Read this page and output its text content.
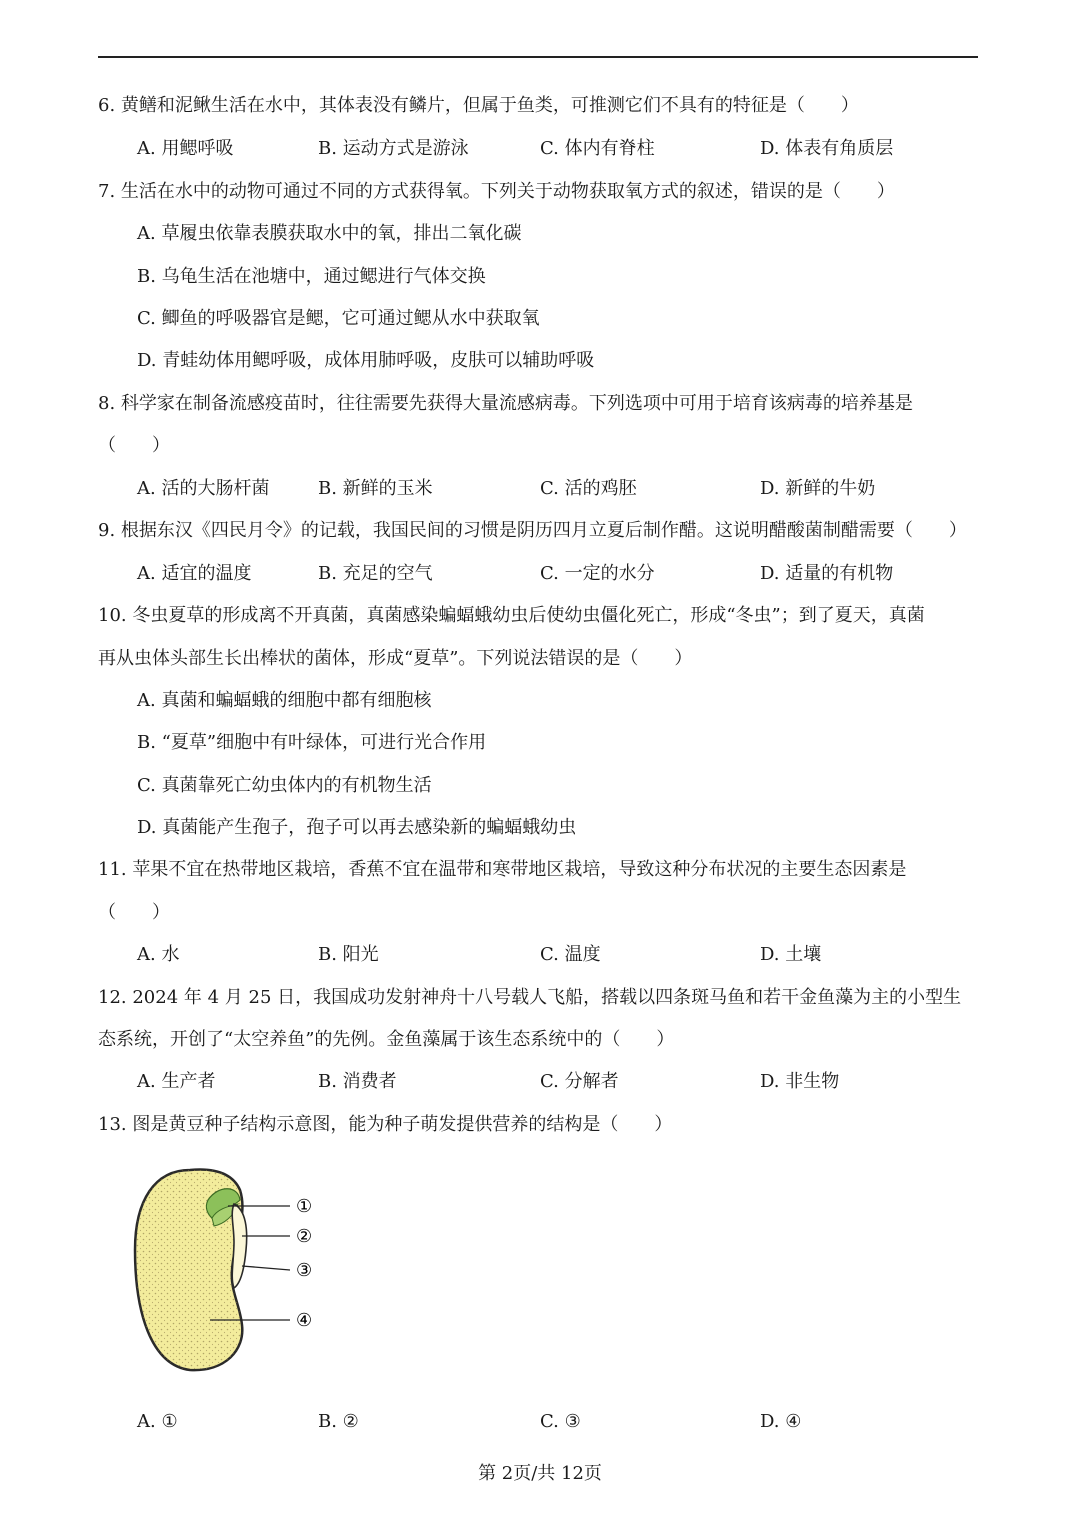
6. 黄鳝和泥鳅生活在水中，其体表没有鳞片，但属于鱼类，可推测它们不具有的特征是（　　）
A. 用鳃呼吸	B. 运动方式是游泳	C. 体内有脊柱	D. 体表有角质层
7. 生活在水中的动物可通过不同的方式获得氧。下列关于动物获取氧方式的叙述，错误的是（　　）
A. 草履虫依靠表膜获取水中的氧，排出二氧化碳
B. 乌龟生活在池塘中，通过鳃进行气体交换
C. 鲫鱼的呼吸器官是鳃，它可通过鳃从水中获取氧
D. 青蛙幼体用鳃呼吸，成体用肺呼吸，皮肤可以辅助呼吸
8. 科学家在制备流感疫苗时，往往需要先获得大量流感病毒。下列选项中可用于培育该病毒的培养基是
（　　）
A. 活的大肠杆菌	B. 新鲜的玉米	C. 活的鸡胚	D. 新鲜的牛奶
9. 根据东汉《四民月令》的记载，我国民间的习惯是阴历四月立夏后制作醋。这说明醋酸菌制醋需要（　　）
A. 适宜的温度	B. 充足的空气	C. 一定的水分	D. 适量的有机物
10. 冬虫夏草的形成离不开真菌，真菌感染蝙蝠蛾幼虫后使幼虫僵化死亡，形成“冬虫”；到了夏天，真菌
再从虫体头部生长出棒状的菌体，形成“夏草”。下列说法错误的是（　　）
A. 真菌和蝙蝠蛾的细胞中都有细胞核
B. “夏草”细胞中有叶绿体，可进行光合作用
C. 真菌靠死亡幼虫体内的有机物生活
D. 真菌能产生孢子，孢子可以再去感染新的蝙蝠蛾幼虫
11. 苹果不宜在热带地区栽培，香蕉不宜在温带和寒带地区栽培，导致这种分布状况的主要生态因素是
（　　）
A. 水	B. 阳光	C. 温度	D. 土壤
12. 2024 年 4 月 25 日，我国成功发射神舟十八号载人飞船，搭载以四条斑马鱼和若干金鱼藻为主的小型生
态系统，开创了“太空养鱼”的先例。金鱼藻属于该生态系统中的（　　）
A. 生产者	B. 消费者	C. 分解者	D. 非生物
13. 图是黄豆种子结构示意图，能为种子萌发提供营养的结构是（　　）
①
②
③
④
A. ①	B. ②	C. ③	D. ④
第 2页/共 12页
